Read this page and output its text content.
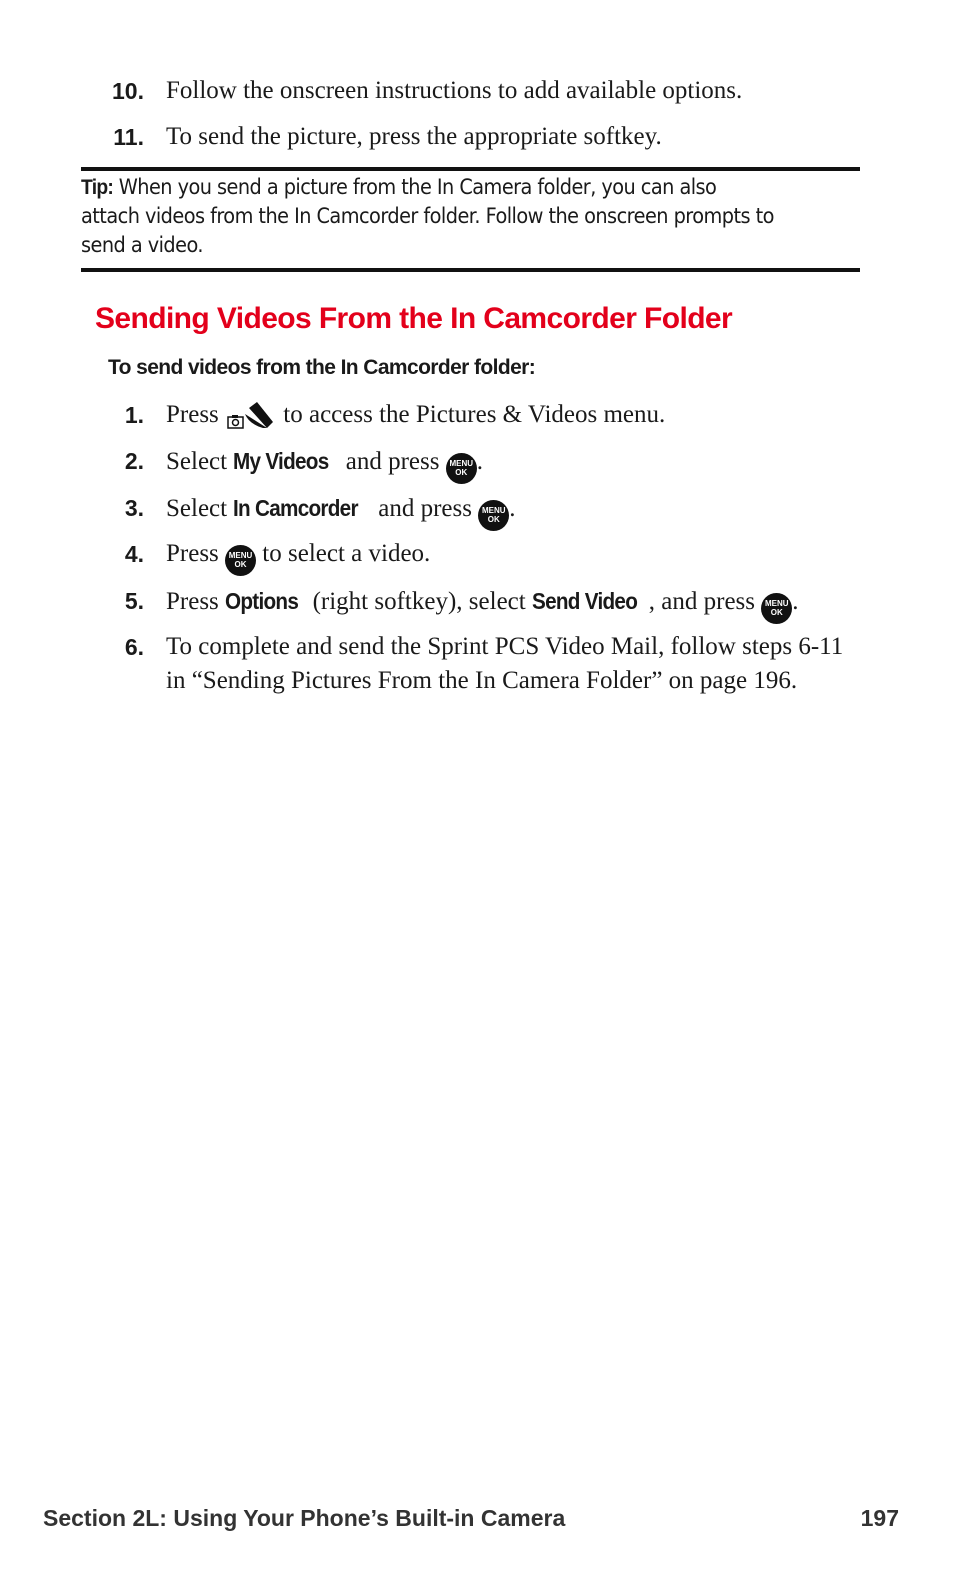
10. Follow the onscreen instructions to add available options.
11. To send the picture, press the appropriate softkey.
Tip: When you send a picture from the In Camera folder, you can also attach videos from the In Camcorder folder. Follow the onscreen prompts to send a video.
Sending Videos From the In Camcorder Folder
To send videos from the In Camcorder folder:
1. Press  to access the Pictures & Videos menu.
2. Select My Videos and press MENU
OK .
3. Select In Camcorder and press MENU
OK .
4. Press MENU
OK to select a video.
5. Press Options (right softkey), select Send Video , and press MENU
OK .
6. To complete and send the Sprint PCS Video Mail, follow steps 6-11 in “Sending Pictures From the In Camera Folder” on page 196.
Section 2L: Using Your Phone’s Built-in Camera	197
